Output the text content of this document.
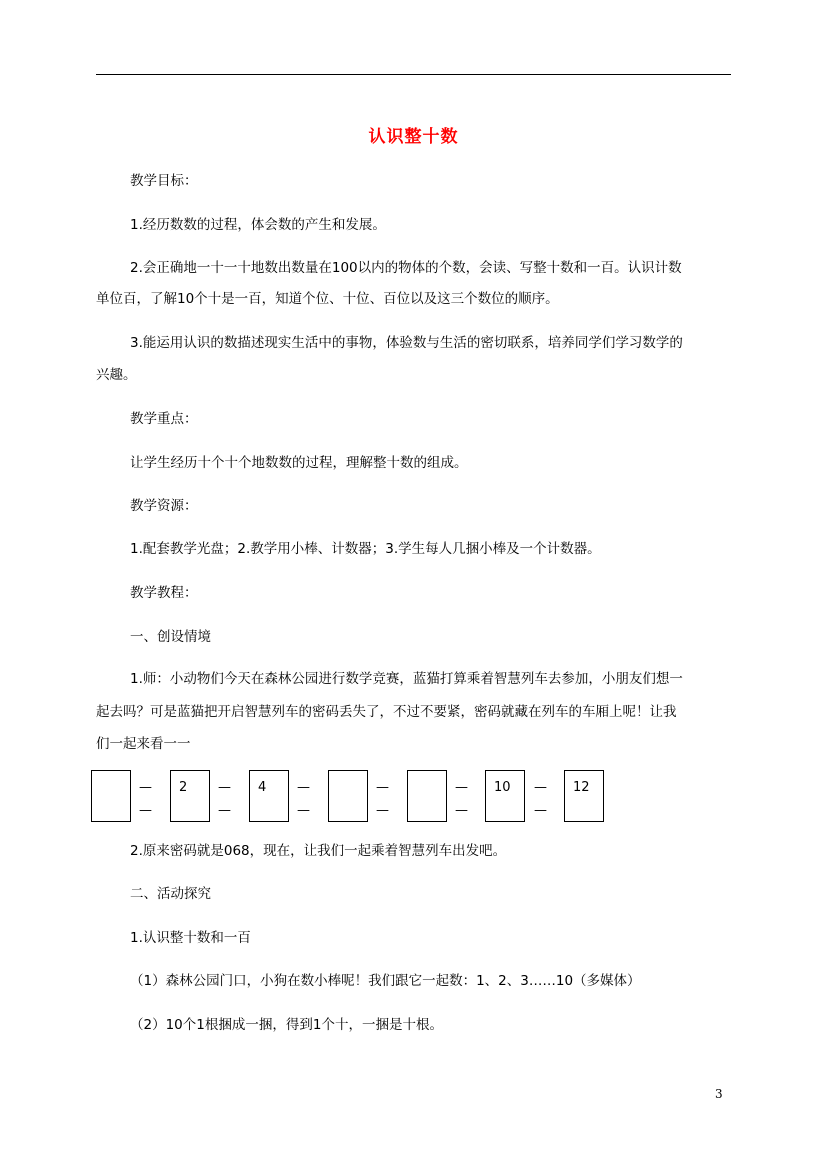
认识整十数
教学目标：
1.经历数数的过程，体会数的产生和发展。
2.会正确地一十一十地数出数量在100以内的物体的个数，会读、写整十数和一百。认识计数
单位百，了解10个十是一百，知道个位、十位、百位以及这三个数位的顺序。
3.能运用认识的数描述现实生活中的事物，体验数与生活的密切联系，培养同学们学习数学的
兴趣。
教学重点：
让学生经历十个十个地数数的过程，理解整十数的组成。
教学资源：
1.配套教学光盘；2.教学用小棒、计数器；3.学生每人几捆小棒及一个计数器。
教学教程：
一、创设情境
1.师：小动物们今天在森林公园进行数学竞赛，蓝猫打算乘着智慧列车去参加，小朋友们想一
起去吗？可是蓝猫把开启智慧列车的密码丢失了，不过不要紧，密码就藏在列车的车厢上呢！让我
们一起来看一一
—
—
2 —
—
4 —
—
—
—
—
—
10 —
—
12
2.原来密码就是068，现在，让我们一起乘着智慧列车出发吧。
二、活动探究
1.认识整十数和一百
（1）森林公园门口，小狗在数小棒呢！我们跟它一起数：1、2、3……10（多媒体）
（2）10个1根捆成一捆，得到1个十，一捆是十根。
3
